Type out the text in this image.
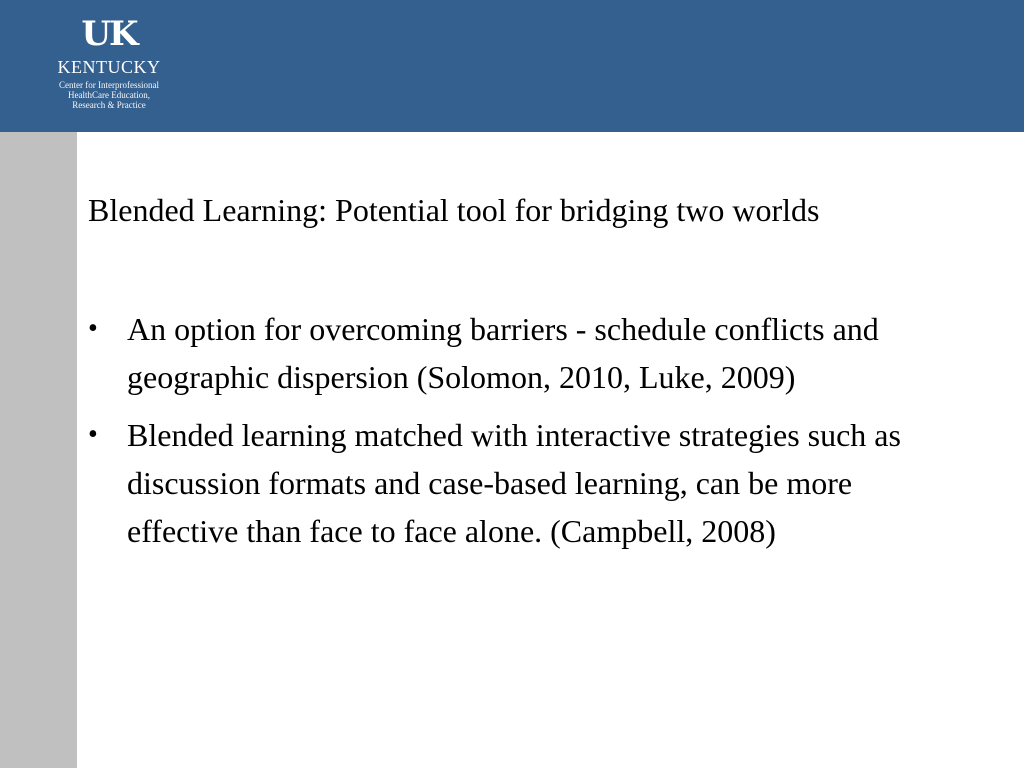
UK
KENTUCKY
Center for Interprofessional
HealthCare Education,
Research & Practice
Blended Learning: Potential tool for bridging two worlds
• An option for overcoming barriers - schedule conflicts and geographic dispersion (Solomon, 2010, Luke, 2009)
• Blended learning matched with interactive strategies such as discussion formats and case-based learning, can be more effective than face to face alone. (Campbell, 2008)
